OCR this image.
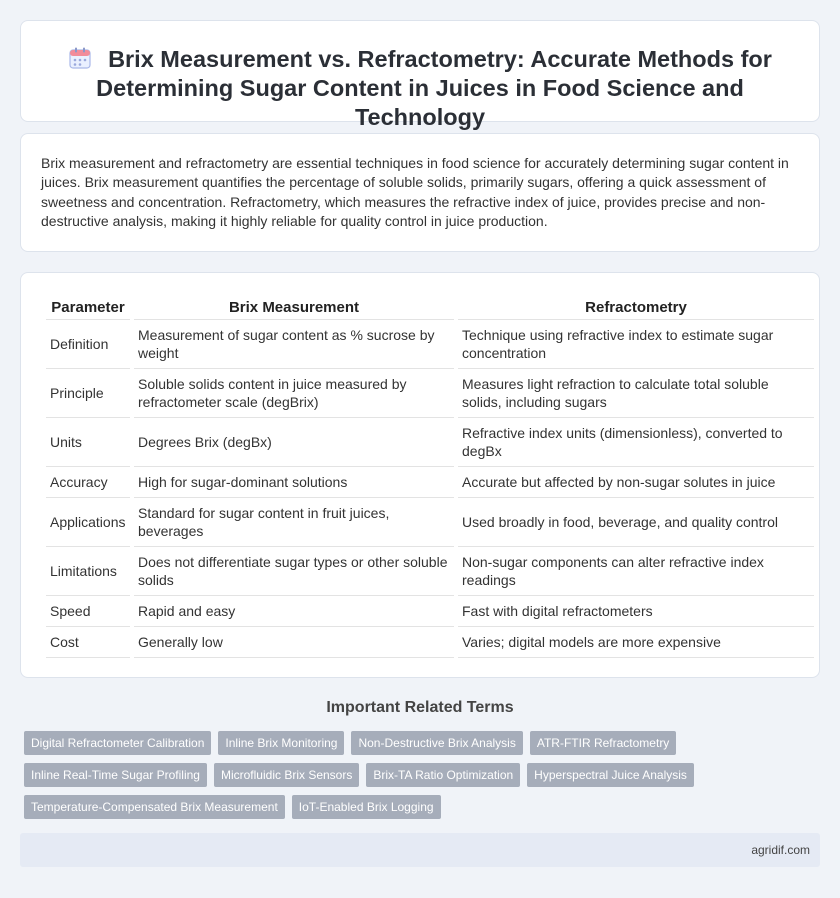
Brix Measurement vs. Refractometry: Accurate Methods for Determining Sugar Content in Juices in Food Science and Technology

Brix measurement and refractometry are essential techniques in food science for accurately determining sugar content in juices. Brix measurement quantifies the percentage of soluble solids, primarily sugars, offering a quick assessment of sweetness and concentration. Refractometry, which measures the refractive index of juice, provides precise and non-destructive analysis, making it highly reliable for quality control in juice production.

Parameter	Brix Measurement	Refractometry
Definition	Measurement of sugar content as % sucrose by weight	Technique using refractive index to estimate sugar concentration
Principle	Soluble solids content in juice measured by refractometer scale (degBrix)	Measures light refraction to calculate total soluble solids, including sugars
Units	Degrees Brix (degBx)	Refractive index units (dimensionless), converted to degBx
Accuracy	High for sugar-dominant solutions	Accurate but affected by non-sugar solutes in juice
Applications	Standard for sugar content in fruit juices, beverages	Used broadly in food, beverage, and quality control
Limitations	Does not differentiate sugar types or other soluble solids	Non-sugar components can alter refractive index readings
Speed	Rapid and easy	Fast with digital refractometers
Cost	Generally low	Varies; digital models are more expensive
Important Related Terms
Digital Refractometer Calibration	Inline Brix Monitoring	Non-Destructive Brix Analysis	ATR-FTIR Refractometry
Inline Real-Time Sugar Profiling	Microfluidic Brix Sensors	Brix-TA Ratio Optimization	Hyperspectral Juice Analysis
Temperature-Compensated Brix Measurement	IoT-Enabled Brix Logging
agridif.com
